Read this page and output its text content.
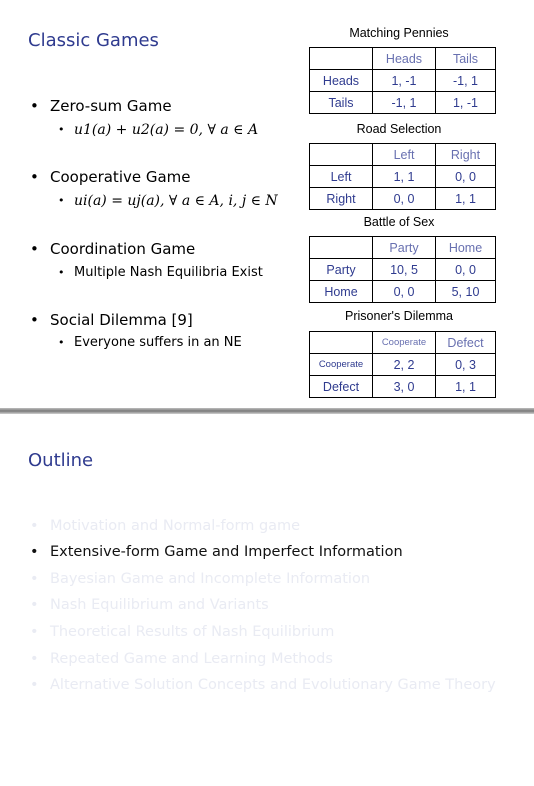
Classic Games
Zero-sum Game
u1(a) + u2(a) = 0, ∀ a ∈ A
Cooperative Game
ui(a) = uj(a), ∀ a ∈ A, i, j ∈ N
Coordination Game
Multiple Nash Equilibria Exist
Social Dilemma [9]
Everyone suffers in an NE
Matching Pennies
	Heads	Tails
Heads	1, -1	-1, 1
Tails	-1, 1	1, -1
Road Selection
	Left	Right
Left	1, 1	0, 0
Right	0, 0	1, 1
Battle of Sex
	Party	Home
Party	10, 5	0, 0
Home	0, 0	5, 10
Prisoner's Dilemma
	Cooperate	Defect
Cooperate	2, 2	0, 3
Defect	3, 0	1, 1
Outline
Motivation and Normal-form game
Extensive-form Game and Imperfect Information
Bayesian Game and Incomplete Information
Nash Equilibrium and Variants
Theoretical Results of Nash Equilibrium
Repeated Game and Learning Methods
Alternative Solution Concepts and Evolutionary Game Theory
